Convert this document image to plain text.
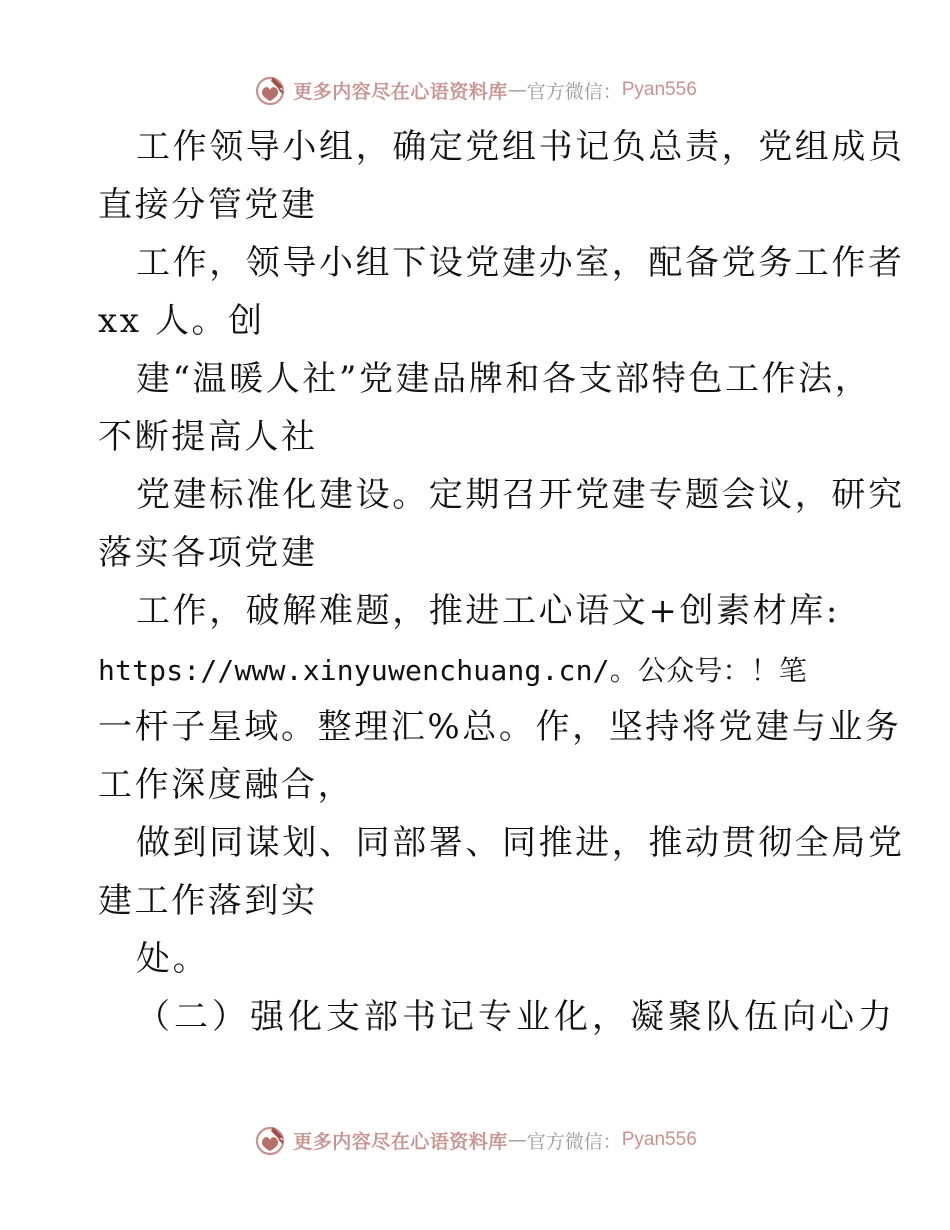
更多内容尽在心语资料库 — 官方微信： Pyan556
工作领导小组，确定党组书记负总责，党组成员
直接分管党建
工作，领导小组下设党建办室，配备党务工作者
xx 人。创
建“温暖人社”党建品牌和各支部特色工作法，
不断提高人社
党建标准化建设。定期召开党建专题会议，研究
落实各项党建
工作，破解难题，推进工心语文+创素材库:
https://www.xinyuwenchuang.cn/。公众号：！笔
一杆子星域。整理汇%总。作，坚持将党建与业务
工作深度融合，
做到同谋划、同部署、同推进，推动贯彻全局党
建工作落到实
处。
（二）强化支部书记专业化，凝聚队伍向心力
更多内容尽在心语资料库 — 官方微信： Pyan556
